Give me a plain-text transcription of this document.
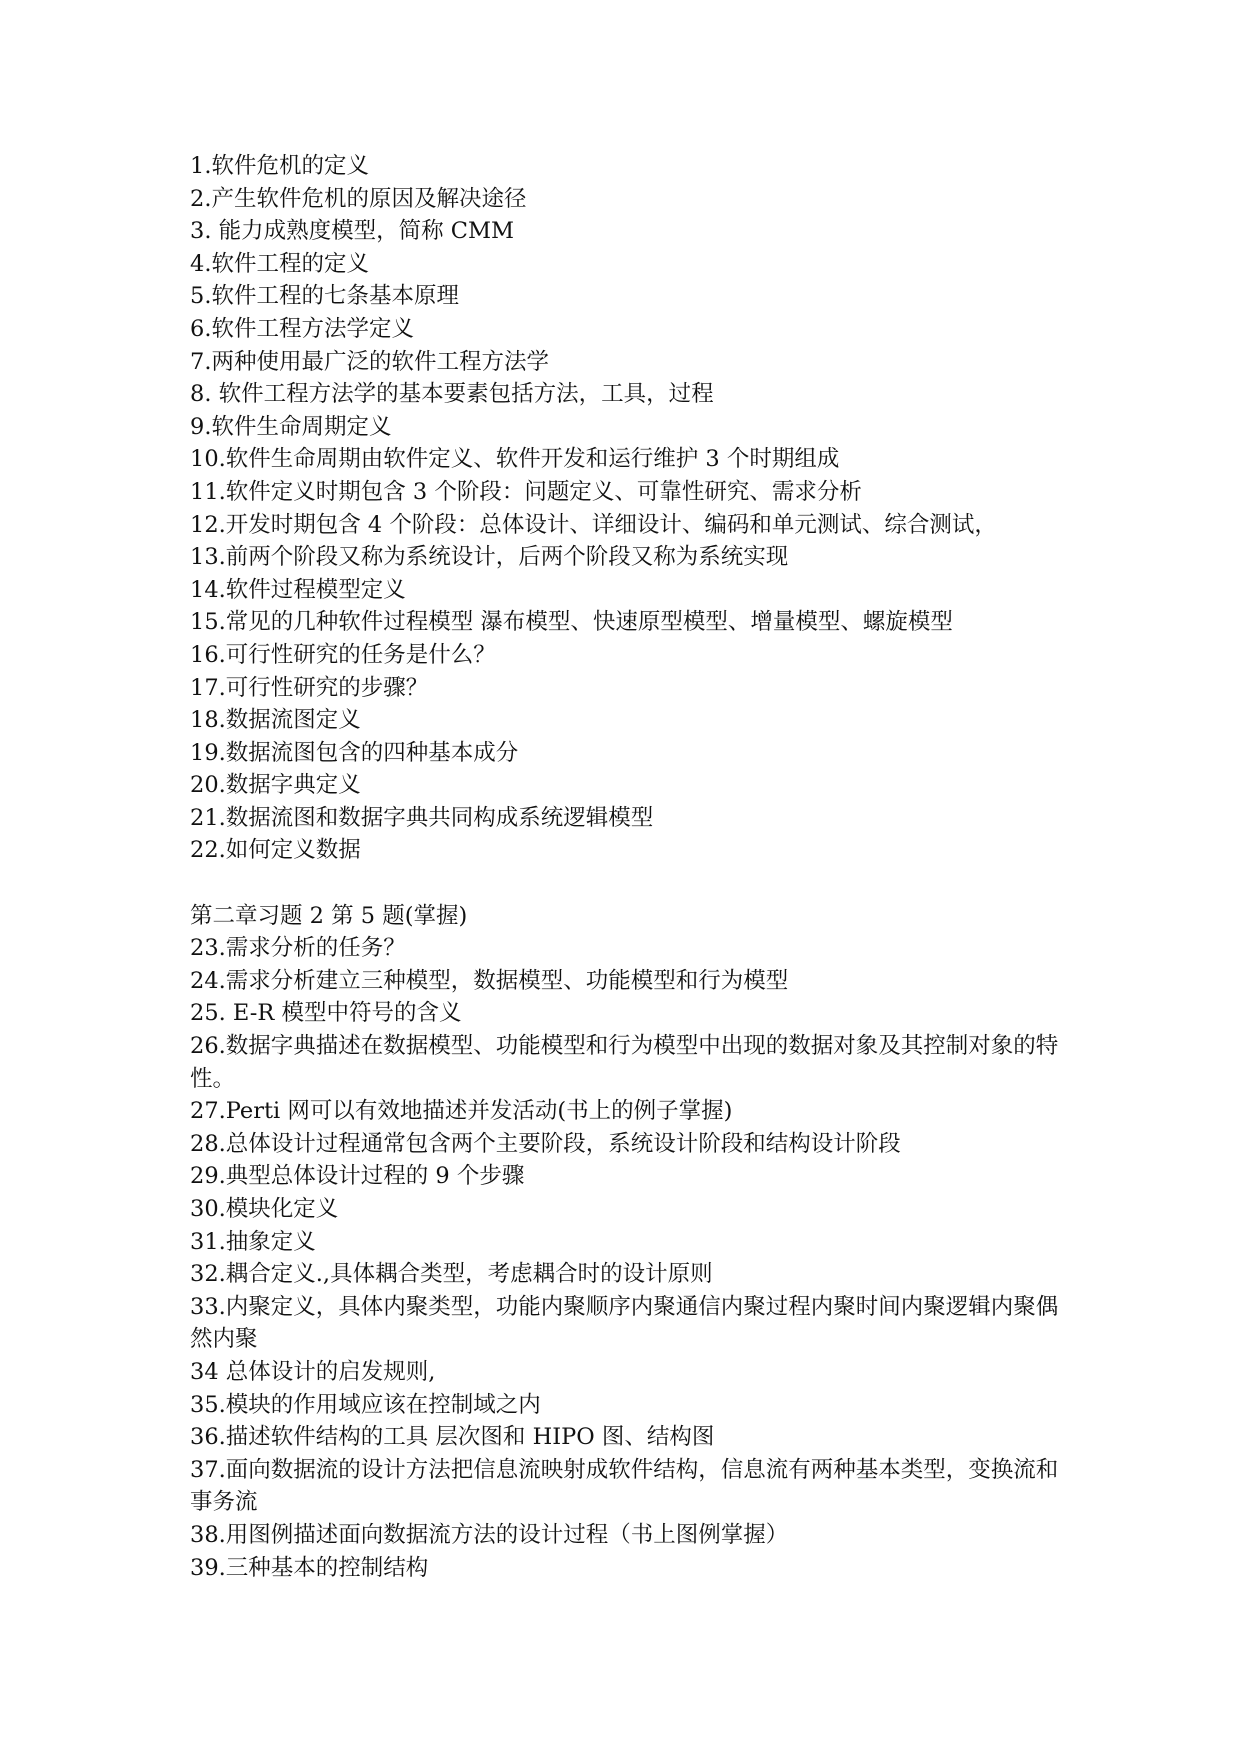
1.软件危机的定义

2.产生软件危机的原因及解决途径

3. 能力成熟度模型，简称 CMM

4.软件工程的定义

5.软件工程的七条基本原理

6.软件工程方法学定义

7.两种使用最广泛的软件工程方法学

8. 软件工程方法学的基本要素包括方法，工具，过程

9.软件生命周期定义

10.软件生命周期由软件定义、软件开发和运行维护 3 个时期组成

11.软件定义时期包含 3 个阶段：问题定义、可靠性研究、需求分析

12.开发时期包含 4 个阶段：总体设计、详细设计、编码和单元测试、综合测试，

13.前两个阶段又称为系统设计，后两个阶段又称为系统实现

14.软件过程模型定义

15.常见的几种软件过程模型 瀑布模型、快速原型模型、增量模型、螺旋模型

16.可行性研究的任务是什么？

17.可行性研究的步骤？

18.数据流图定义

19.数据流图包含的四种基本成分

20.数据字典定义

21.数据流图和数据字典共同构成系统逻辑模型

22.如何定义数据

第二章习题 2 第 5 题(掌握)

23.需求分析的任务？

24.需求分析建立三种模型，数据模型、功能模型和行为模型

25. E-R 模型中符号的含义

26.数据字典描述在数据模型、功能模型和行为模型中出现的数据对象及其控制对象的特性。

27.Perti 网可以有效地描述并发活动(书上的例子掌握)

28.总体设计过程通常包含两个主要阶段，系统设计阶段和结构设计阶段

29.典型总体设计过程的 9 个步骤

30.模块化定义

31.抽象定义

32.耦合定义.,具体耦合类型，考虑耦合时的设计原则

33.内聚定义，具体内聚类型，功能内聚顺序内聚通信内聚过程内聚时间内聚逻辑内聚偶然内聚

34 总体设计的启发规则,

35.模块的作用域应该在控制域之内

36.描述软件结构的工具 层次图和 HIPO 图、结构图

37.面向数据流的设计方法把信息流映射成软件结构，信息流有两种基本类型，变换流和事务流

38.用图例描述面向数据流方法的设计过程（书上图例掌握）

39.三种基本的控制结构
